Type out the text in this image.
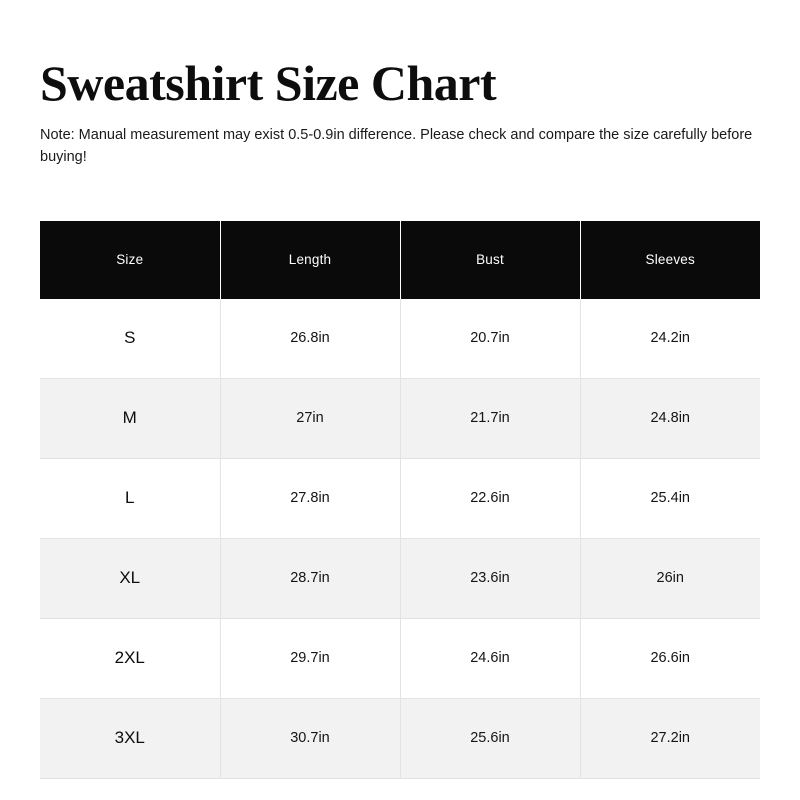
Sweatshirt Size Chart

Note: Manual measurement may exist 0.5-0.9in difference. Please check and compare the size carefully before buying!

Size	Length	Bust	Sleeves
S	26.8in	20.7in	24.2in
M	27in	21.7in	24.8in
L	27.8in	22.6in	25.4in
XL	28.7in	23.6in	26in
2XL	29.7in	24.6in	26.6in
3XL	30.7in	25.6in	27.2in
